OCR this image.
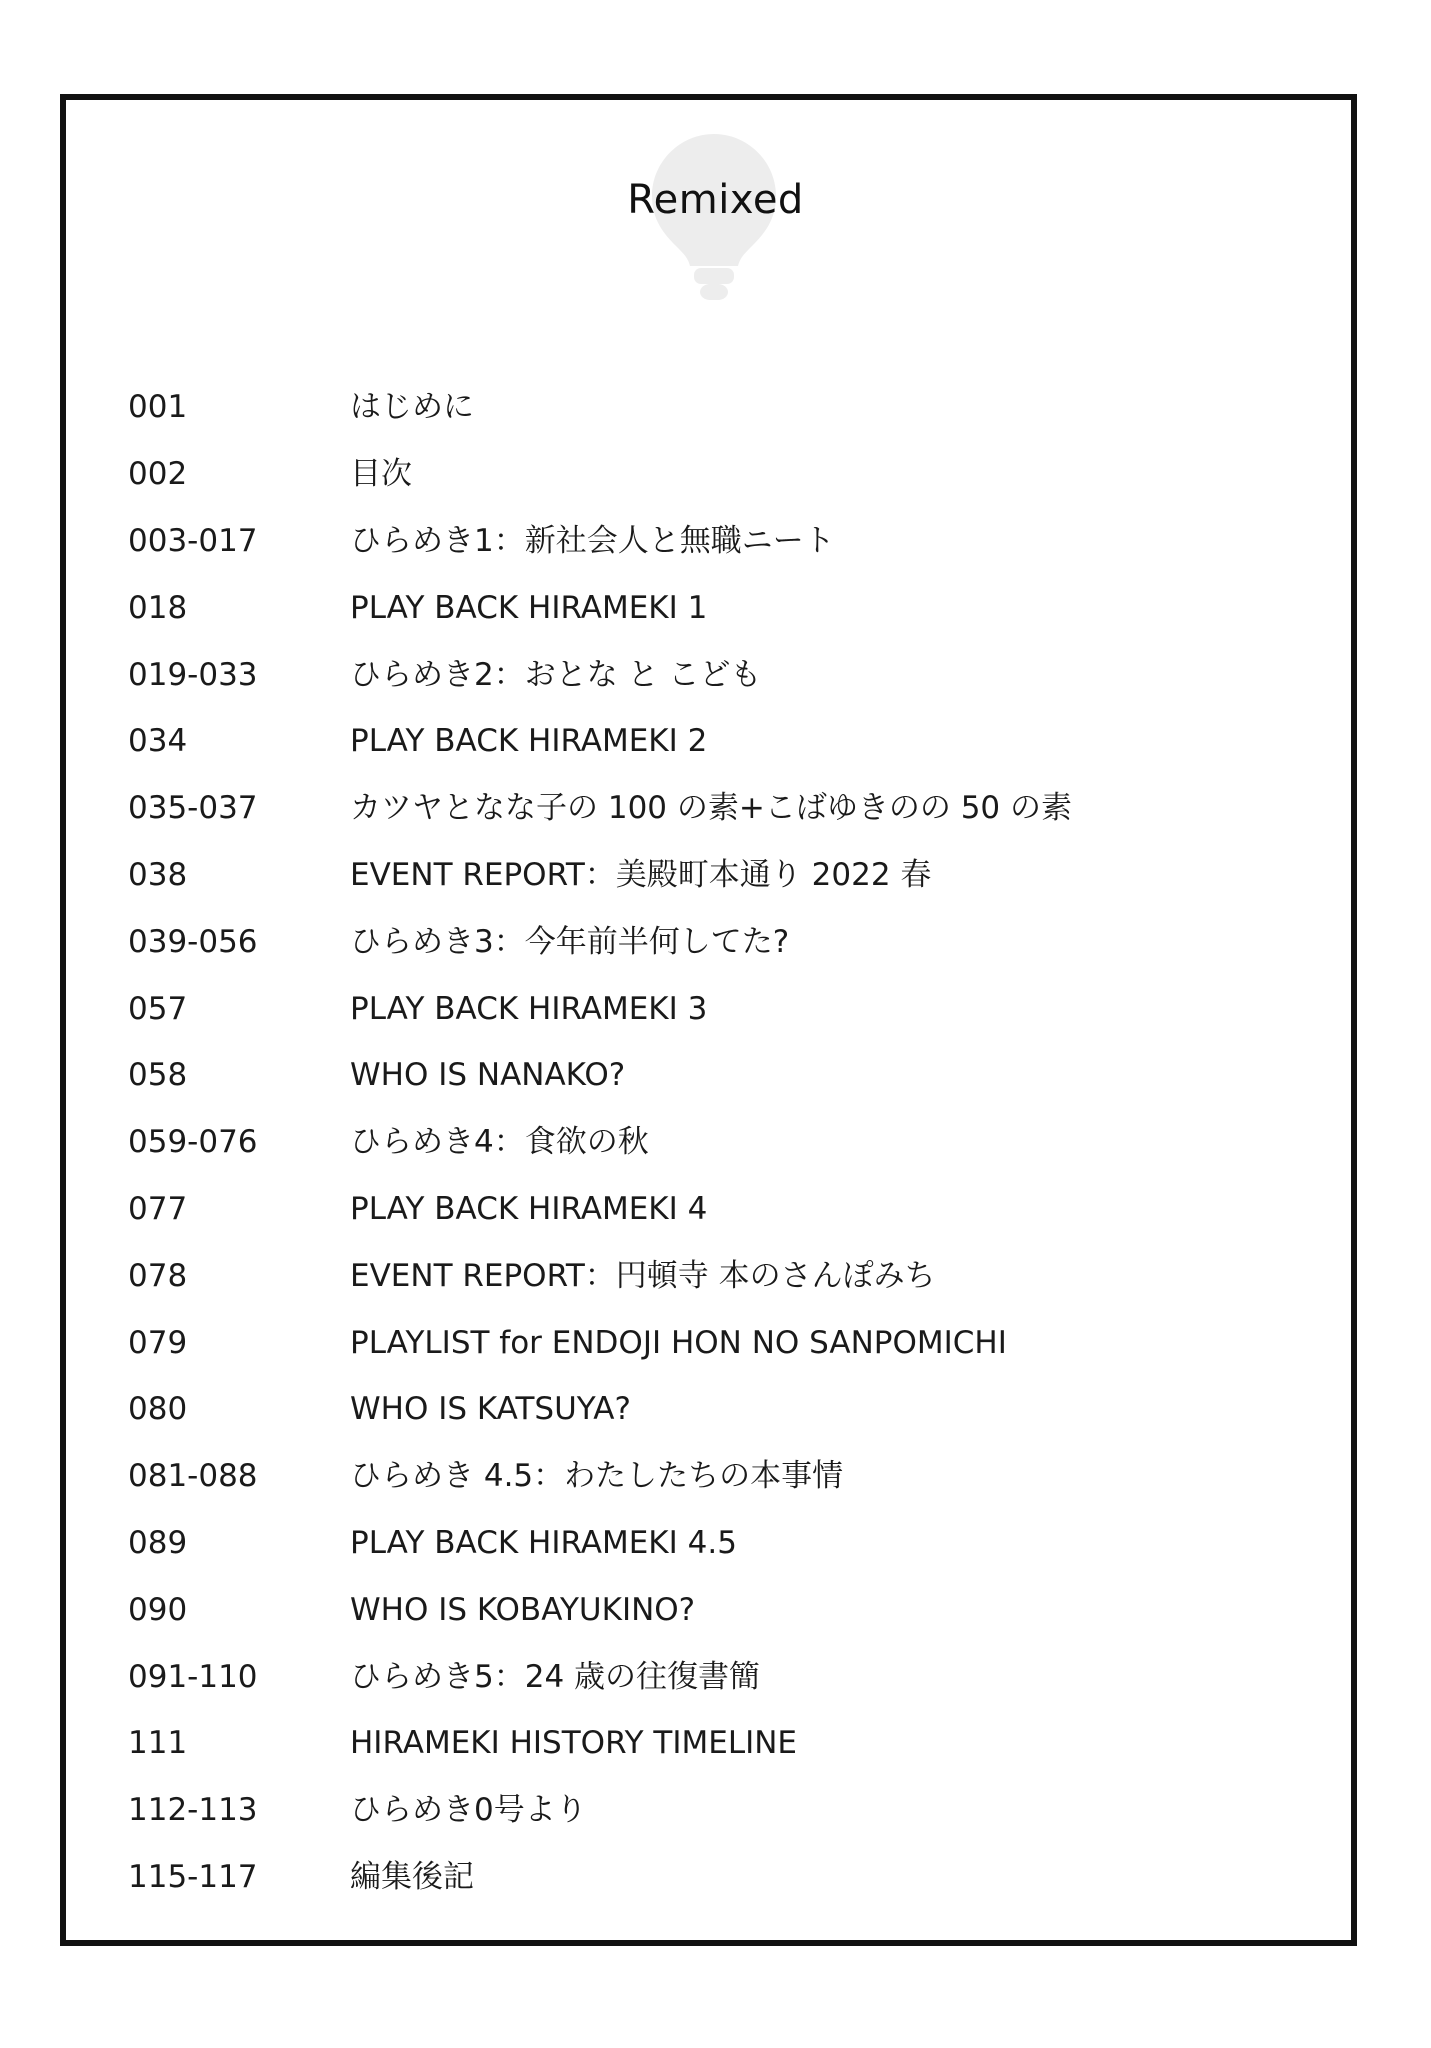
Remixed
001	はじめに
002	目次
003-017	ひらめき1：新社会人と無職ニート
018	PLAY BACK HIRAMEKI 1
019-033	ひらめき2：おとな と こども
034	PLAY BACK HIRAMEKI 2
035-037	カツヤとなな子の 100 の素+こばゆきのの 50 の素
038	EVENT REPORT：美殿町本通り 2022 春
039-056	ひらめき3：今年前半何してた?
057	PLAY BACK HIRAMEKI 3
058	WHO IS NANAKO?
059-076	ひらめき4：食欲の秋
077	PLAY BACK HIRAMEKI 4
078	EVENT REPORT：円頓寺 本のさんぽみち
079	PLAYLIST for ENDOJI HON NO SANPOMICHI
080	WHO IS KATSUYA?
081-088	ひらめき 4.5：わたしたちの本事情
089	PLAY BACK HIRAMEKI 4.5
090	WHO IS KOBAYUKINO?
091-110	ひらめき5：24 歳の往復書簡
111	HIRAMEKI HISTORY TIMELINE
112-113	ひらめき0号より
115-117	編集後記
